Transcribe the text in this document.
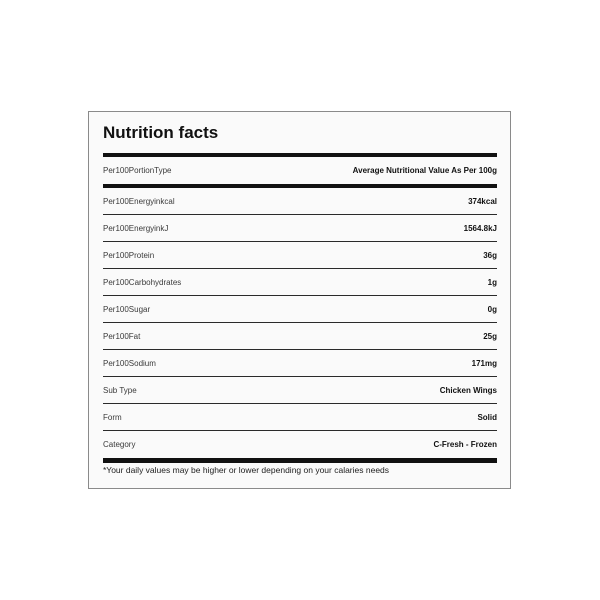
Nutrition facts
Per100PortionType	Average Nutritional Value As Per 100g
Per100Energyinkcal	374kcal
Per100EnergyinkJ	1564.8kJ
Per100Protein	36g
Per100Carbohydrates	1g
Per100Sugar	0g
Per100Fat	25g
Per100Sodium	171mg
Sub Type	Chicken Wings
Form	Solid
Category	C-Fresh - Frozen
*Your daily values may be higher or lower depending on your calaries needs
